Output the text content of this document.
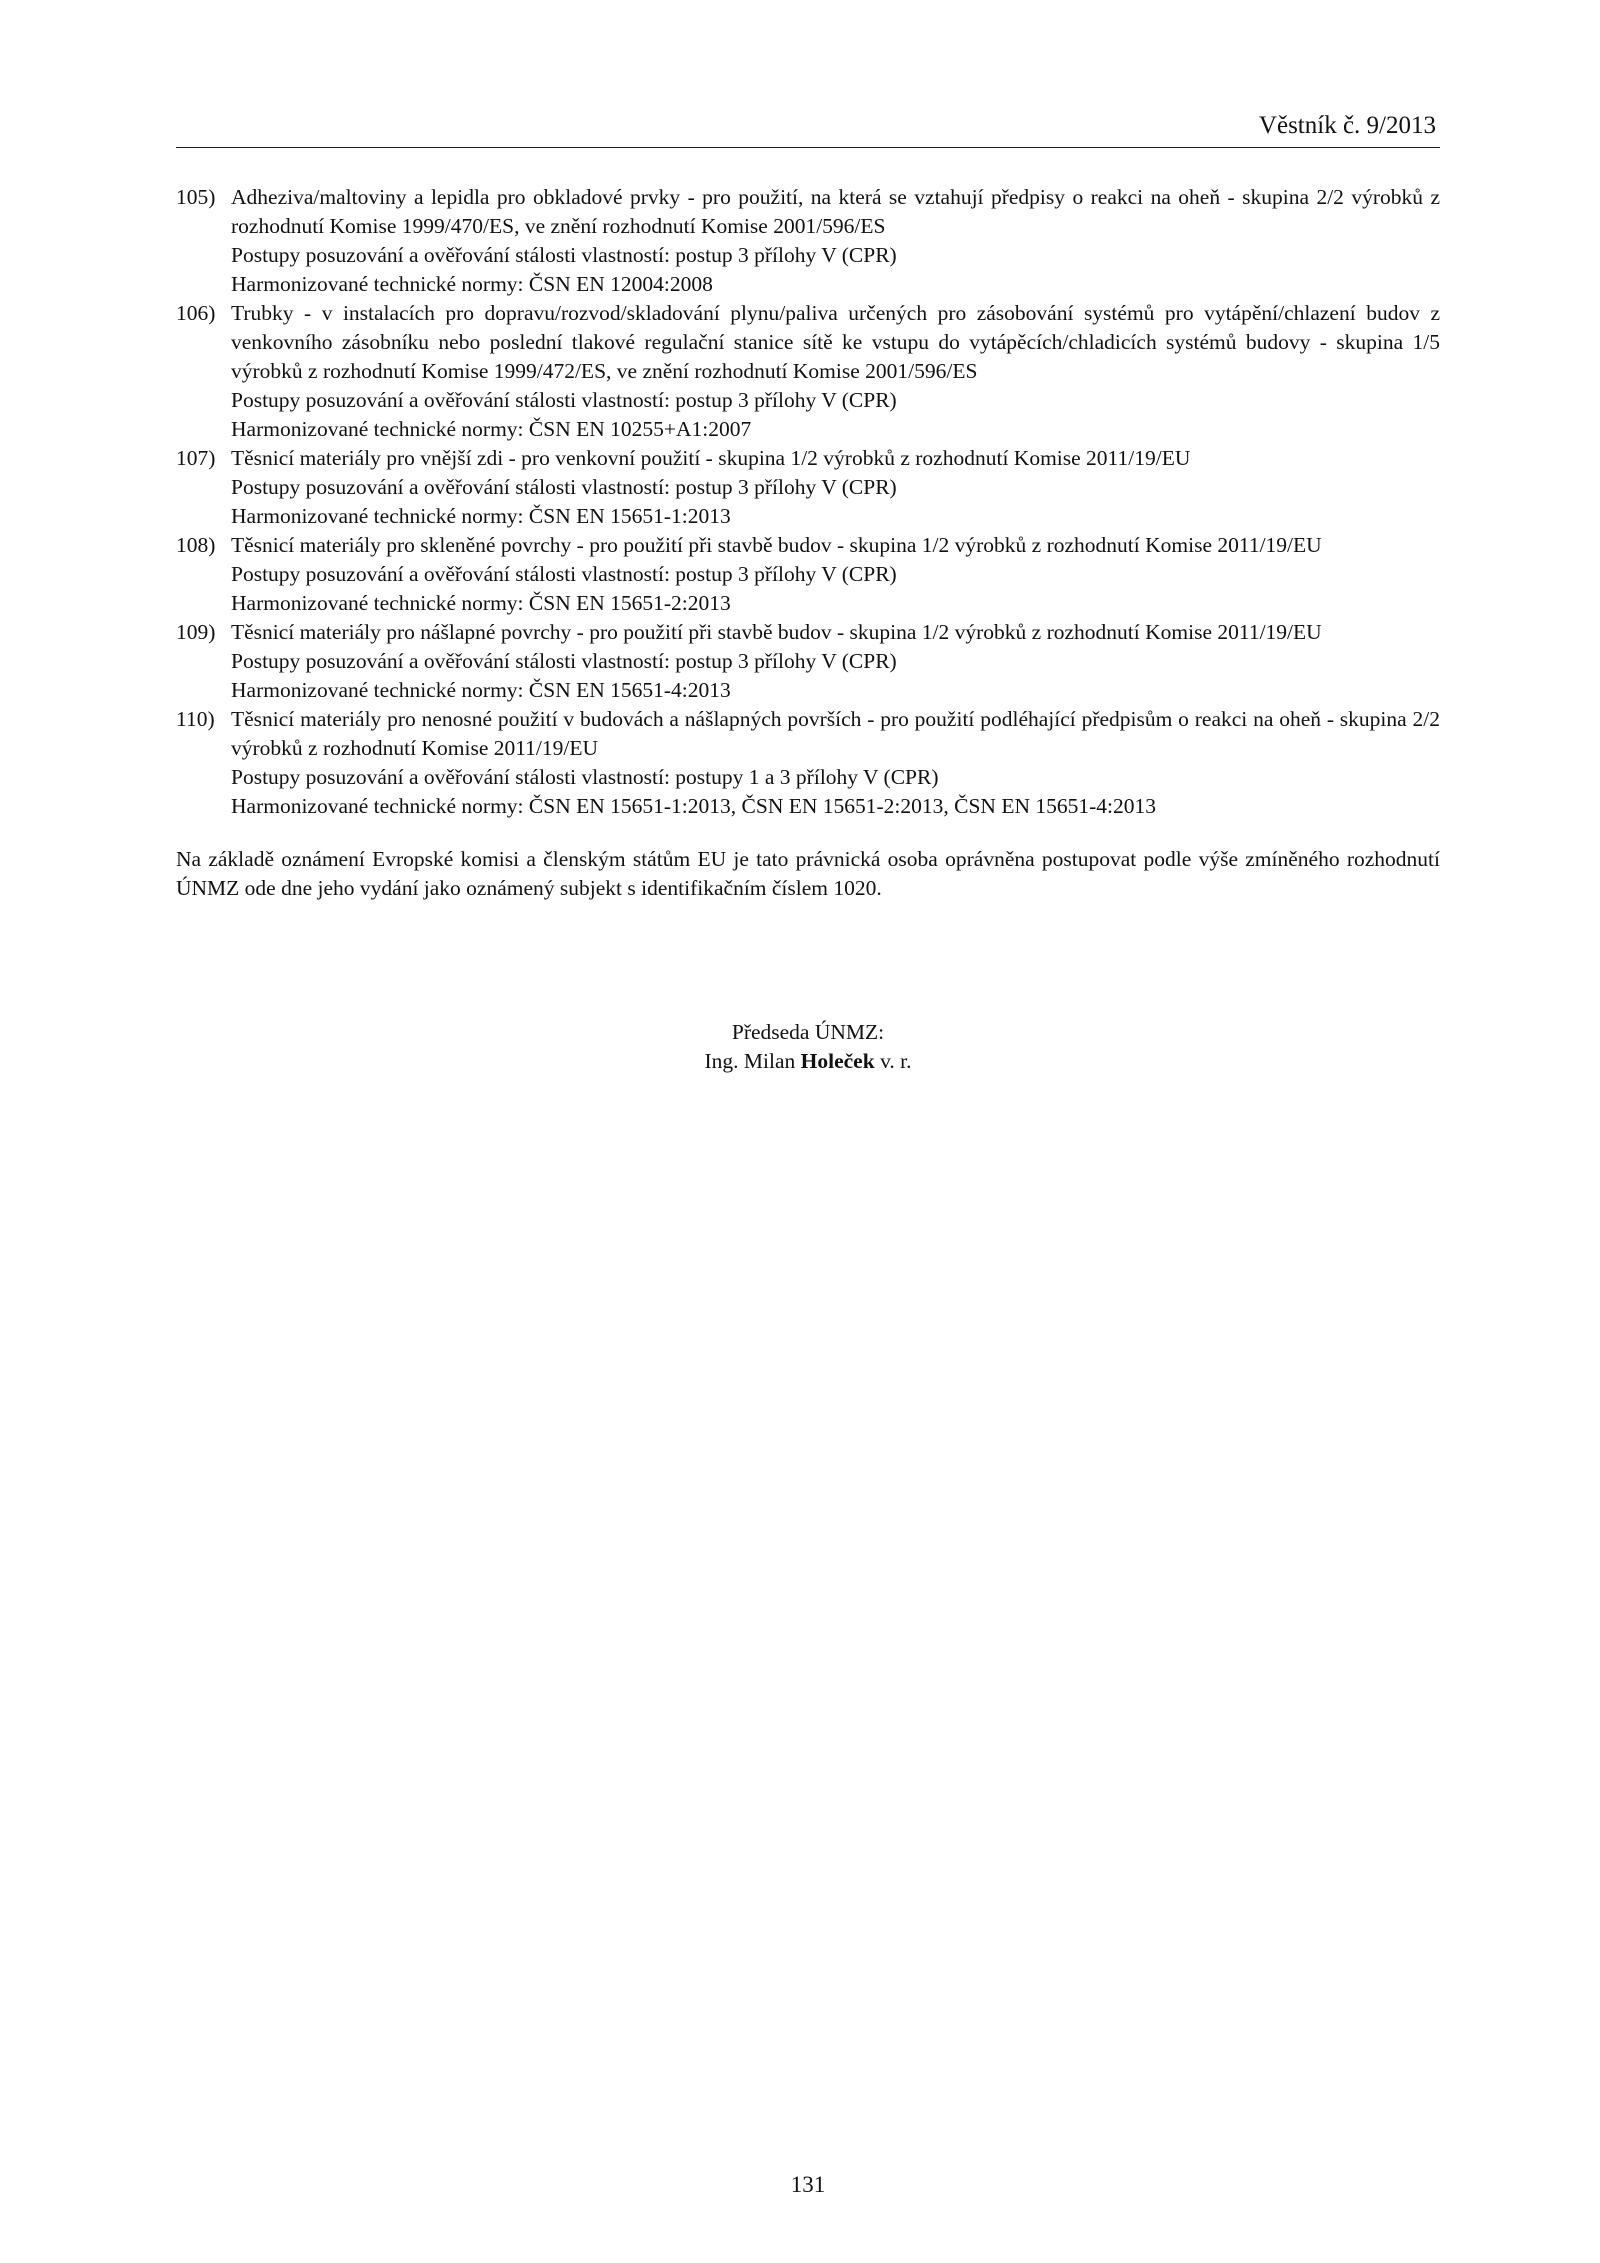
Věstník č. 9/2013
105) Adheziva/maltoviny a lepidla pro obkladové prvky - pro použití, na která se vztahují předpisy o reakci na oheň - skupina 2/2 výrobků z rozhodnutí Komise 1999/470/ES, ve znění rozhodnutí Komise 2001/596/ES
Postupy posuzování a ověřování stálosti vlastností: postup 3 přílohy V (CPR)
Harmonizované technické normy: ČSN EN 12004:2008
106) Trubky - v instalacích pro dopravu/rozvod/skladování plynu/paliva určených pro zásobování systémů pro vytápění/chlazení budov z venkovního zásobníku nebo poslední tlakové regulační stanice sítě ke vstupu do vytápěcích/chladicích systémů budovy - skupina 1/5 výrobků z rozhodnutí Komise 1999/472/ES, ve znění rozhodnutí Komise 2001/596/ES
Postupy posuzování a ověřování stálosti vlastností: postup 3 přílohy V (CPR)
Harmonizované technické normy: ČSN EN 10255+A1:2007
107) Těsnicí materiály pro vnější zdi - pro venkovní použití - skupina 1/2 výrobků z rozhodnutí Komise 2011/19/EU
Postupy posuzování a ověřování stálosti vlastností: postup 3 přílohy V (CPR)
Harmonizované technické normy: ČSN EN 15651-1:2013
108) Těsnicí materiály pro skleněné povrchy - pro použití při stavbě budov - skupina 1/2 výrobků z rozhodnutí Komise 2011/19/EU
Postupy posuzování a ověřování stálosti vlastností: postup 3 přílohy V (CPR)
Harmonizované technické normy: ČSN EN 15651-2:2013
109) Těsnicí materiály pro nášlapné povrchy - pro použití při stavbě budov - skupina 1/2 výrobků z rozhodnutí Komise 2011/19/EU
Postupy posuzování a ověřování stálosti vlastností: postup 3 přílohy V (CPR)
Harmonizované technické normy: ČSN EN 15651-4:2013
110) Těsnicí materiály pro nenosné použití v budovách a nášlapných površích - pro použití podléhající předpisům o reakci na oheň - skupina 2/2 výrobků z rozhodnutí Komise 2011/19/EU
Postupy posuzování a ověřování stálosti vlastností: postupy 1 a 3 přílohy V (CPR)
Harmonizované technické normy: ČSN EN 15651-1:2013, ČSN EN 15651-2:2013, ČSN EN 15651-4:2013

Na základě oznámení Evropské komisi a členským státům EU je tato právnická osoba oprávněna postupovat podle výše zmíněného rozhodnutí ÚNMZ ode dne jeho vydání jako oznámený subjekt s identifikačním číslem 1020.

Předseda ÚNMZ:
Ing. Milan Holeček v. r.
131
